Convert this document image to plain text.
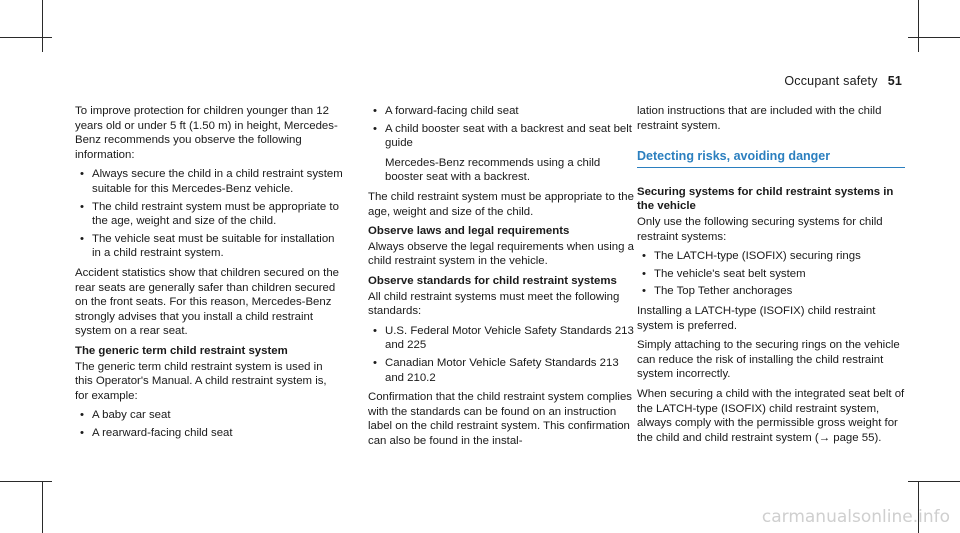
Occupant safety 51

To improve protection for children younger than 12 years old or under 5 ft (1.50 m) in height, Mercedes-Benz recommends you observe the following information:

• Always secure the child in a child restraint system suitable for this Mercedes-Benz vehicle.
• The child restraint system must be appropriate to the age, weight and size of the child.
• The vehicle seat must be suitable for installation in a child restraint system.

Accident statistics show that children secured on the rear seats are generally safer than children secured on the front seats. For this reason, Mercedes-Benz strongly advises that you install a child restraint system on a rear seat.

The generic term child restraint system

The generic term child restraint system is used in this Operator's Manual. A child restraint system is, for example:

• A baby car seat
• A rearward-facing child seat
• A forward-facing child seat
• A child booster seat with a backrest and seat belt guide

Mercedes-Benz recommends using a child booster seat with a backrest.

The child restraint system must be appropriate to the age, weight and size of the child.

Observe laws and legal requirements

Always observe the legal requirements when using a child restraint system in the vehicle.

Observe standards for child restraint systems

All child restraint systems must meet the following standards:

• U.S. Federal Motor Vehicle Safety Standards 213 and 225
• Canadian Motor Vehicle Safety Standards 213 and 210.2

Confirmation that the child restraint system complies with the standards can be found on an instruction label on the child restraint system. This confirmation can also be found in the instal-

lation instructions that are included with the child restraint system.

Detecting risks, avoiding danger
Securing systems for child restraint systems in the vehicle

Only use the following securing systems for child restraint systems:

• The LATCH-type (ISOFIX) securing rings
• The vehicle's seat belt system
• The Top Tether anchorages

Installing a LATCH-type (ISOFIX) child restraint system is preferred.

Simply attaching to the securing rings on the vehicle can reduce the risk of installing the child restraint system incorrectly.

When securing a child with the integrated seat belt of the LATCH-type (ISOFIX) child restraint system, always comply with the permissible gross weight for the child and child restraint system (→ page 55).

carmanualsonline.info
